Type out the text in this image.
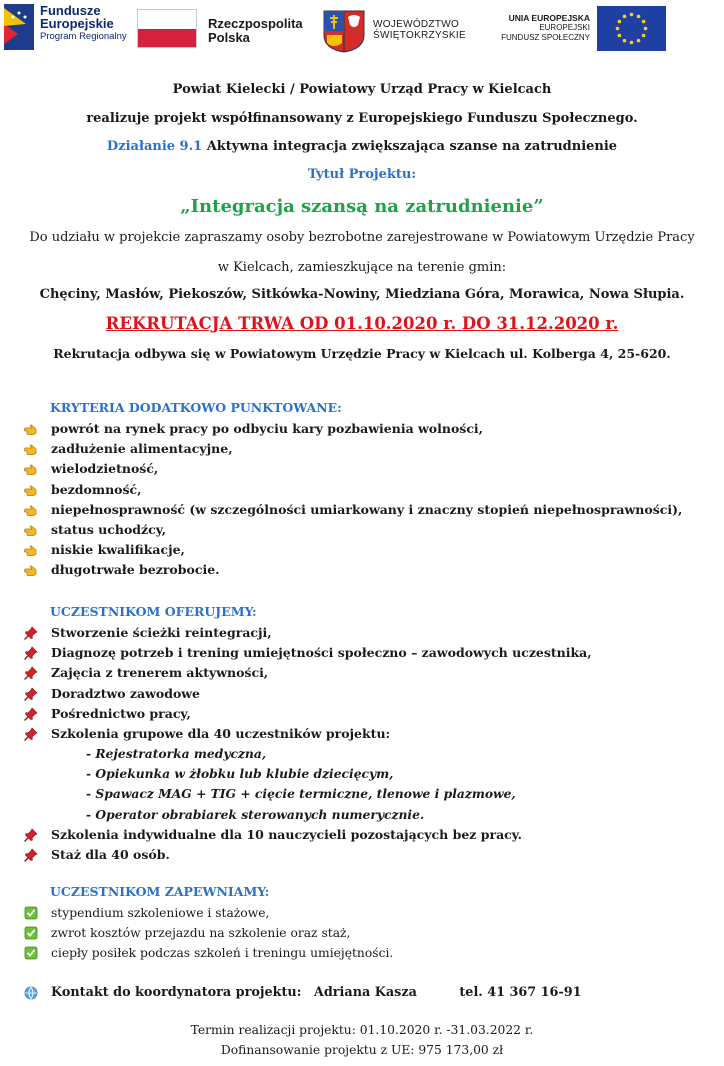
Fundusze
Europejskie
Program Regionalny
Rzeczpospolita
Polska
WOJEWÓDZTWO
ŚWIĘTOKRZYSKIE
UNIA EUROPEJSKA
EUROPEJSKI
FUNDUSZ SPOŁECZNY
Powiat Kielecki / Powiatowy Urząd Pracy w Kielcach
realizuje projekt współfinansowany z Europejskiego Funduszu Społecznego.
Działanie 9.1 Aktywna integracja zwiększająca szanse na zatrudnienie
Tytuł Projektu:
„Integracja szansą na zatrudnienie”
Do udziału w projekcie zapraszamy osoby bezrobotne zarejestrowane w Powiatowym Urzędzie Pracy
w Kielcach, zamieszkujące na terenie gmin:
Chęciny, Masłów, Piekoszów, Sitkówka-Nowiny, Miedziana Góra, Morawica, Nowa Słupia.
REKRUTACJA TRWA OD 01.10.2020 r. DO 31.12.2020 r.
Rekrutacja odbywa się w Powiatowym Urzędzie Pracy w Kielcach ul. Kolberga 4, 25-620.
KRYTERIA DODATKOWO PUNKTOWANE:
powrót na rynek pracy po odbyciu kary pozbawienia wolności,
zadłużenie alimentacyjne,
wielodzietność,
bezdomność,
niepełnosprawność (w szczególności umiarkowany i znaczny stopień niepełnosprawności),
status uchodźcy,
niskie kwalifikacje,
długotrwałe bezrobocie.
UCZESTNIKOM OFERUJEMY:
Stworzenie ścieżki reintegracji,
Diagnozę potrzeb i trening umiejętności społeczno – zawodowych uczestnika,
Zajęcia z trenerem aktywności,
Doradztwo zawodowe
Pośrednictwo pracy,
Szkolenia grupowe dla 40 uczestników projektu:
- Rejestratorka medyczna,
- Opiekunka w żłobku lub klubie dziecięcym,
- Spawacz MAG + TIG + cięcie termiczne, tlenowe i plazmowe,
- Operator obrabiarek sterowanych numerycznie.
Szkolenia indywidualne dla 10 nauczycieli pozostających bez pracy.
Staż dla 40 osób.
UCZESTNIKOM ZAPEWNIAMY:
stypendium szkoleniowe i stażowe,
zwrot kosztów przejazdu na szkolenie oraz staż,
ciepły posiłek podczas szkoleń i treningu umiejętności.
Kontakt do koordynatora projektu: Adriana Kasza	tel. 41 367 16-91
Termin realizacji projektu: 01.10.2020 r. -31.03.2022 r.
Dofinansowanie projektu z UE: 975 173,00 zł
